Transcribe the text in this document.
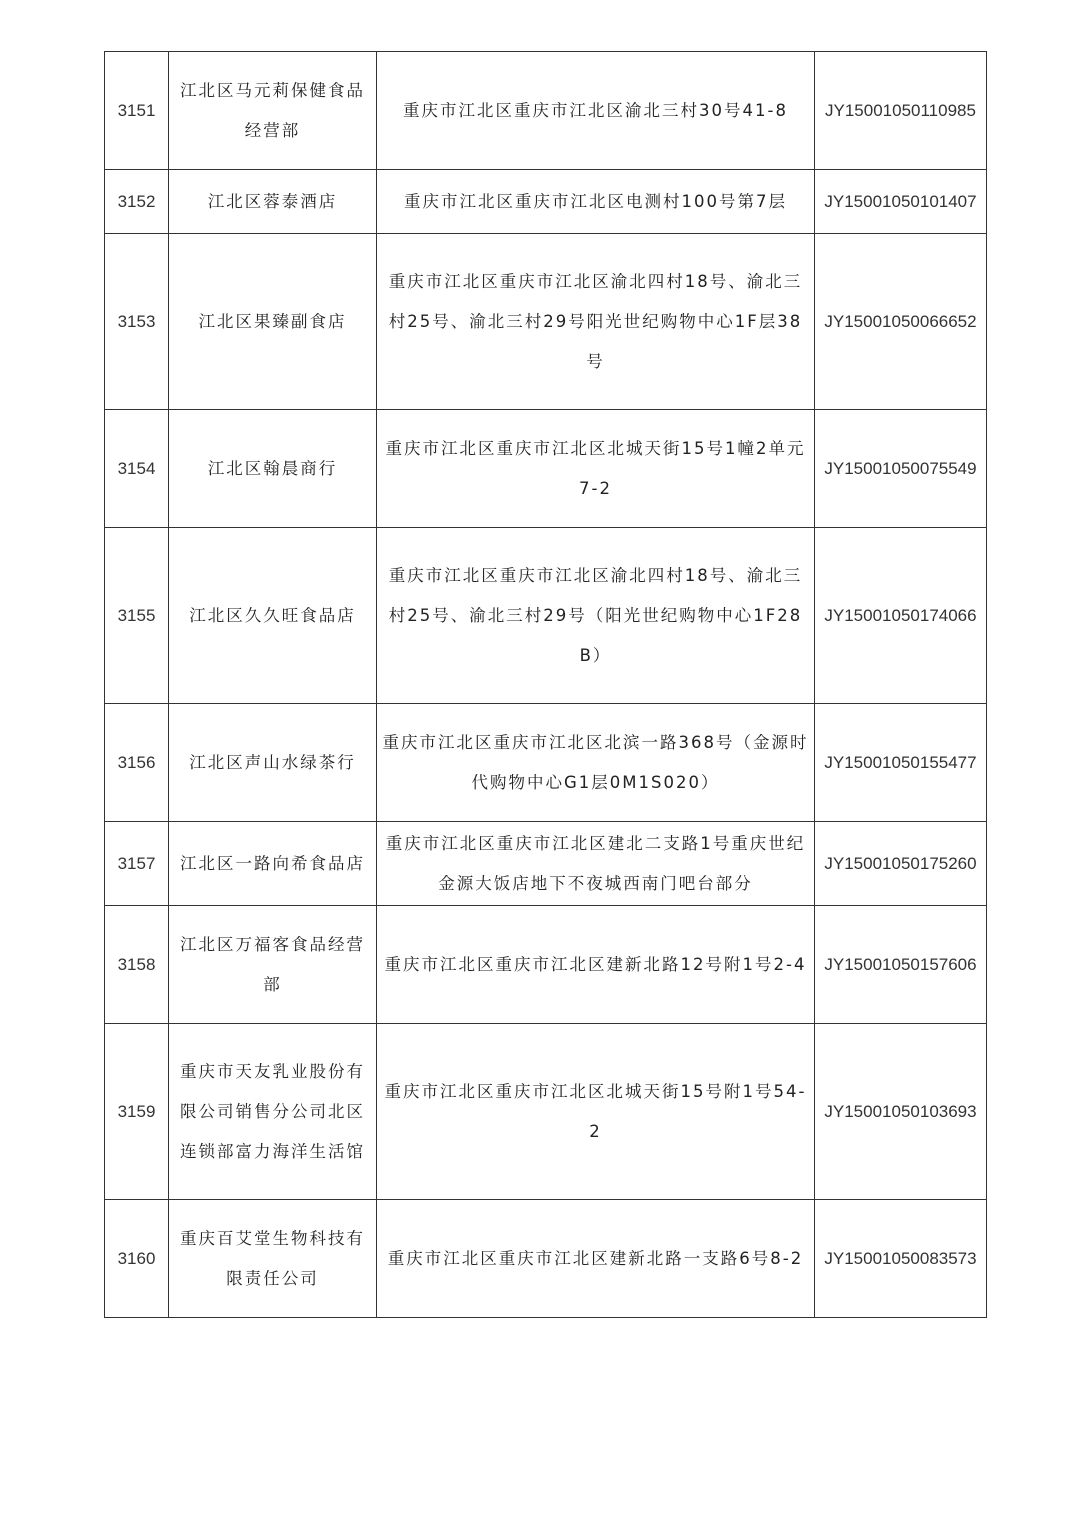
3151	江北区马元莉保健食品经营部	重庆市江北区重庆市江北区渝北三村30号41-8	JY15001050110985
3152	江北区蓉泰酒店	重庆市江北区重庆市江北区电测村100号第7层	JY15001050101407
3153	江北区果臻副食店	重庆市江北区重庆市江北区渝北四村18号、渝北三村25号、渝北三村29号阳光世纪购物中心1F层38号	JY15001050066652
3154	江北区翰晨商行	重庆市江北区重庆市江北区北城天街15号1幢2单元7-2	JY15001050075549
3155	江北区久久旺食品店	重庆市江北区重庆市江北区渝北四村18号、渝北三村25号、渝北三村29号（阳光世纪购物中心1F28B）	JY15001050174066
3156	江北区声山水绿茶行	重庆市江北区重庆市江北区北滨一路368号（金源时代购物中心G1层0M1S020）	JY15001050155477
3157	江北区一路向希食品店	重庆市江北区重庆市江北区建北二支路1号重庆世纪金源大饭店地下不夜城西南门吧台部分	JY15001050175260
3158	江北区万福客食品经营部	重庆市江北区重庆市江北区建新北路12号附1号2-4	JY15001050157606
3159	重庆市天友乳业股份有限公司销售分公司北区连锁部富力海洋生活馆	重庆市江北区重庆市江北区北城天街15号附1号54-2	JY15001050103693
3160	重庆百艾堂生物科技有限责任公司	重庆市江北区重庆市江北区建新北路一支路6号8-2	JY15001050083573
